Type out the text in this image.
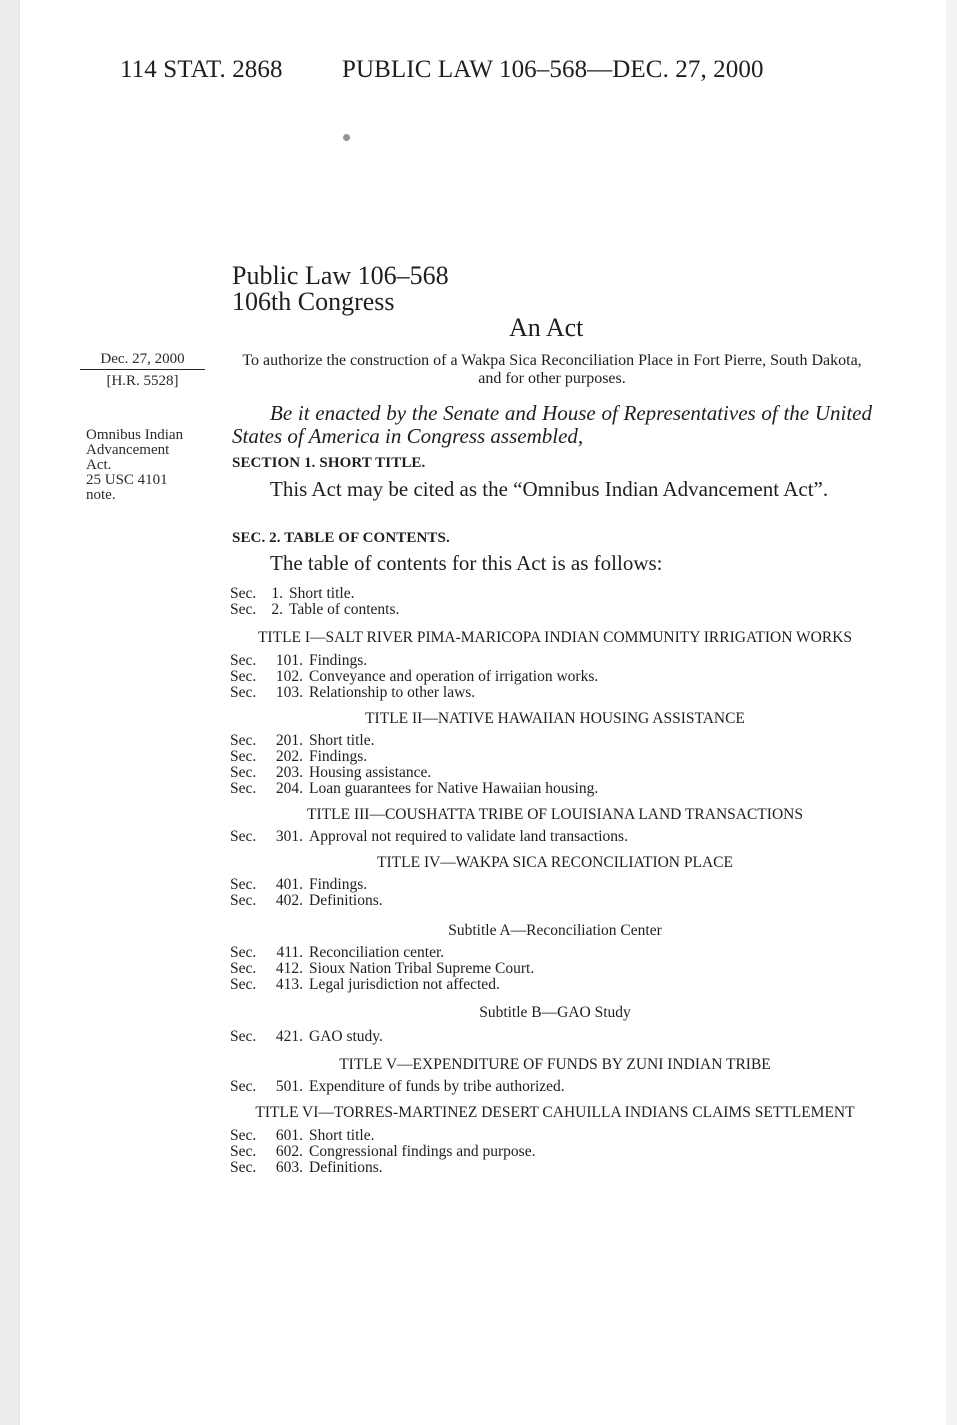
114 STAT. 2868 PUBLIC LAW 106–568—DEC. 27, 2000
Public Law 106–568
106th Congress
An Act
Dec. 27, 2000
[H.R. 5528]
Omnibus Indian
Advancement
Act.
25 USC 4101
note.
To authorize the construction of a Wakpa Sica Reconciliation Place in Fort Pierre, South Dakota, and for other purposes.
Be it enacted by the Senate and House of Representatives of the United States of America in Congress assembled,
SECTION 1. SHORT TITLE.
This Act may be cited as the “Omnibus Indian Advancement Act”.
SEC. 2. TABLE OF CONTENTS.
The table of contents for this Act is as follows:
Sec. 1. Short title.
Sec. 2. Table of contents.
TITLE I—SALT RIVER PIMA-MARICOPA INDIAN COMMUNITY IRRIGATION WORKS
Sec.	101. Findings.
Sec.	102. Conveyance and operation of irrigation works.
Sec.	103. Relationship to other laws.
TITLE II—NATIVE HAWAIIAN HOUSING ASSISTANCE
Sec.	201. Short title.
Sec.	202. Findings.
Sec.	203. Housing assistance.
Sec.	204. Loan guarantees for Native Hawaiian housing.
TITLE III—COUSHATTA TRIBE OF LOUISIANA LAND TRANSACTIONS
Sec.	301. Approval not required to validate land transactions.
TITLE IV—WAKPA SICA RECONCILIATION PLACE
Sec.	401. Findings.
Sec.	402. Definitions.
Subtitle A—Reconciliation Center
Sec.	411. Reconciliation center.
Sec.	412. Sioux Nation Tribal Supreme Court.
Sec.	413. Legal jurisdiction not affected.
Subtitle B—GAO Study
Sec.	421. GAO study.
TITLE V—EXPENDITURE OF FUNDS BY ZUNI INDIAN TRIBE
Sec.	501. Expenditure of funds by tribe authorized.
TITLE VI—TORRES-MARTINEZ DESERT CAHUILLA INDIANS CLAIMS SETTLEMENT
Sec.	601. Short title.
Sec.	602. Congressional findings and purpose.
Sec.	603. Definitions.
